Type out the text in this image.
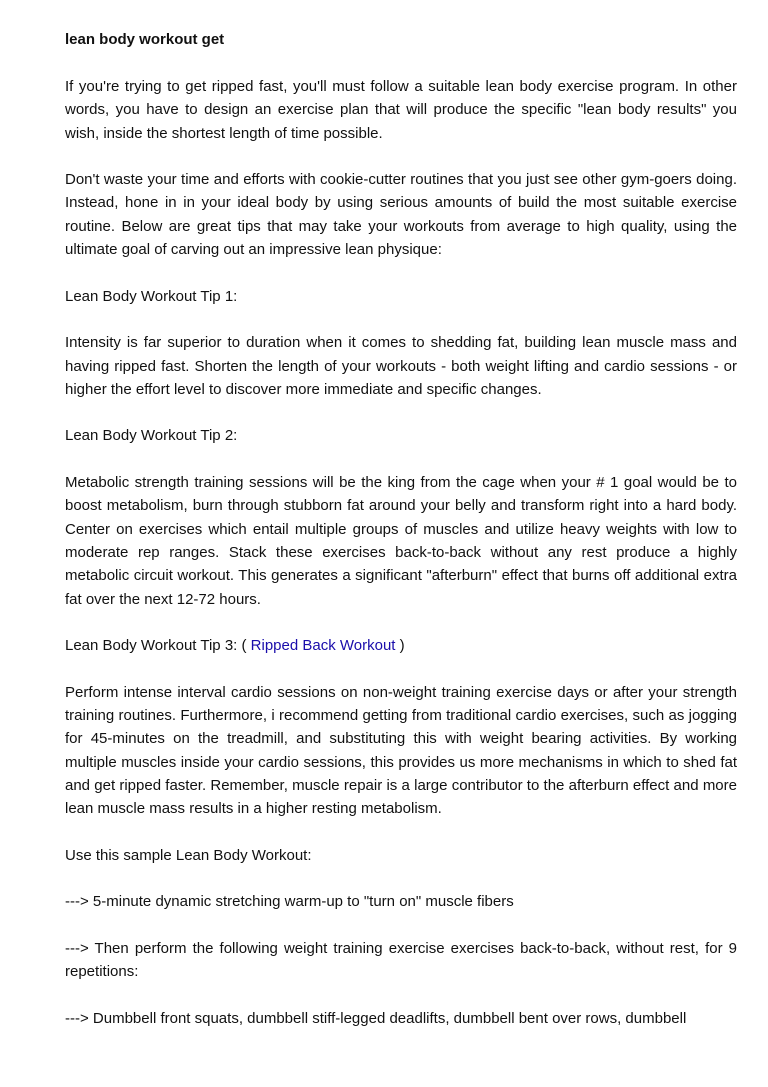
lean body workout get

If you're trying to get ripped fast, you'll must follow a suitable lean body exercise program. In other words, you have to design an exercise plan that will produce the specific "lean body results" you wish, inside the shortest length of time possible.

Don't waste your time and efforts with cookie-cutter routines that you just see other gym-goers doing. Instead, hone in in your ideal body by using serious amounts of build the most suitable exercise routine. Below are great tips that may take your workouts from average to high quality, using the ultimate goal of carving out an impressive lean physique:

Lean Body Workout Tip 1:

Intensity is far superior to duration when it comes to shedding fat, building lean muscle mass and having ripped fast. Shorten the length of your workouts - both weight lifting and cardio sessions - or higher the effort level to discover more immediate and specific changes.

Lean Body Workout Tip 2:

Metabolic strength training sessions will be the king from the cage when your # 1 goal would be to boost metabolism, burn through stubborn fat around your belly and transform right into a hard body. Center on exercises which entail multiple groups of muscles and utilize heavy weights with low to moderate rep ranges. Stack these exercises back-to-back without any rest produce a highly metabolic circuit workout. This generates a significant "afterburn" effect that burns off additional extra fat over the next 12-72 hours.

Lean Body Workout Tip 3: ( Ripped Back Workout )

Perform intense interval cardio sessions on non-weight training exercise days or after your strength training routines. Furthermore, i recommend getting from traditional cardio exercises, such as jogging for 45-minutes on the treadmill, and substituting this with weight bearing activities. By working multiple muscles inside your cardio sessions, this provides us more mechanisms in which to shed fat and get ripped faster. Remember, muscle repair is a large contributor to the afterburn effect and more lean muscle mass results in a higher resting metabolism.

Use this sample Lean Body Workout:

---> 5-minute dynamic stretching warm-up to "turn on" muscle fibers

---> Then perform the following weight training exercise exercises back-to-back, without rest, for 9 repetitions:

---> Dumbbell front squats, dumbbell stiff-legged deadlifts, dumbbell bent over rows, dumbbell
